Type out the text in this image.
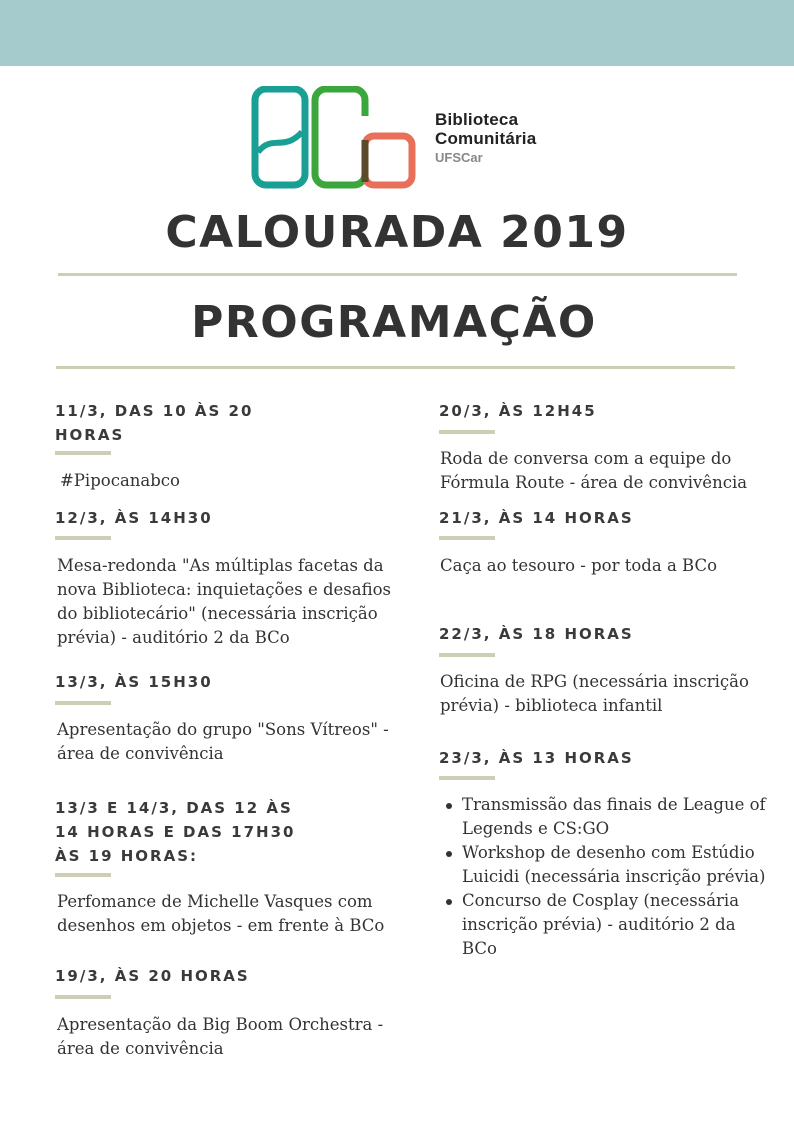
Biblioteca
Comunitária
UFSCar
CALOURADA 2019
PROGRAMAÇÃO
11/3, DAS 10 ÀS 20
HORAS
#Pipocanabco
12/3, ÀS 14H30
Mesa-redonda "As múltiplas facetas da
nova Biblioteca: inquietações e desafios
do bibliotecário" (necessária inscrição
prévia) - auditório 2 da BCo
13/3, ÀS 15H30
Apresentação do grupo "Sons Vítreos" -
área de convivência
13/3 E 14/3, DAS 12 ÀS
14 HORAS E DAS 17H30
ÀS 19 HORAS:
Perfomance de Michelle Vasques com
desenhos em objetos - em frente à BCo
19/3, ÀS 20 HORAS
Apresentação da Big Boom Orchestra -
área de convivência
20/3, ÀS 12H45
Roda de conversa com a equipe do
Fórmula Route - área de convivência
21/3, ÀS 14 HORAS
Caça ao tesouro - por toda a BCo
22/3, ÀS 18 HORAS
Oficina de RPG (necessária inscrição
prévia) - biblioteca infantil
23/3, ÀS 13 HORAS
Transmissão das finais de League of
Legends e CS:GO
Workshop de desenho com Estúdio
Luicidi (necessária inscrição prévia)
Concurso de Cosplay (necessária
inscrição prévia) - auditório 2 da
BCo
